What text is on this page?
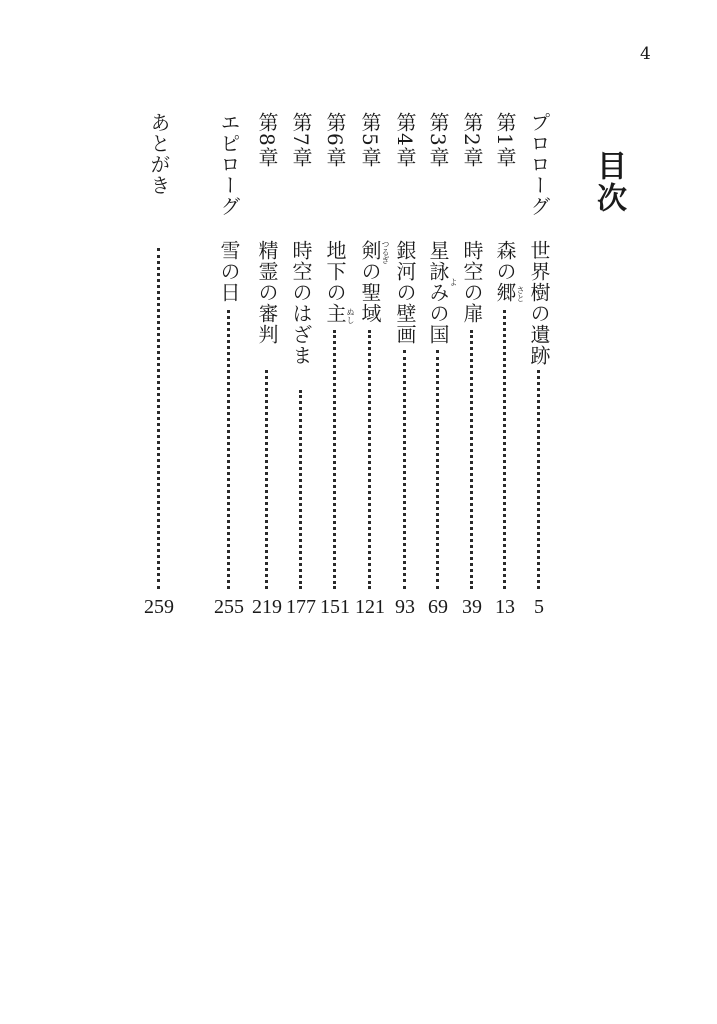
4
目次
プロローグ
世界樹の遺跡
5
第1章
森の郷 さと
13
第2章
時空の扉
39
第3章
星詠みの国 よ
69
第4章
銀河の壁画
93
第5章
剣の聖域 つるぎ
121
第6章
地下の主 ぬし
151
第7章
時空のはざま
177
第8章
精霊の審判
219
エピローグ
雪の日
255
あとがき
259
